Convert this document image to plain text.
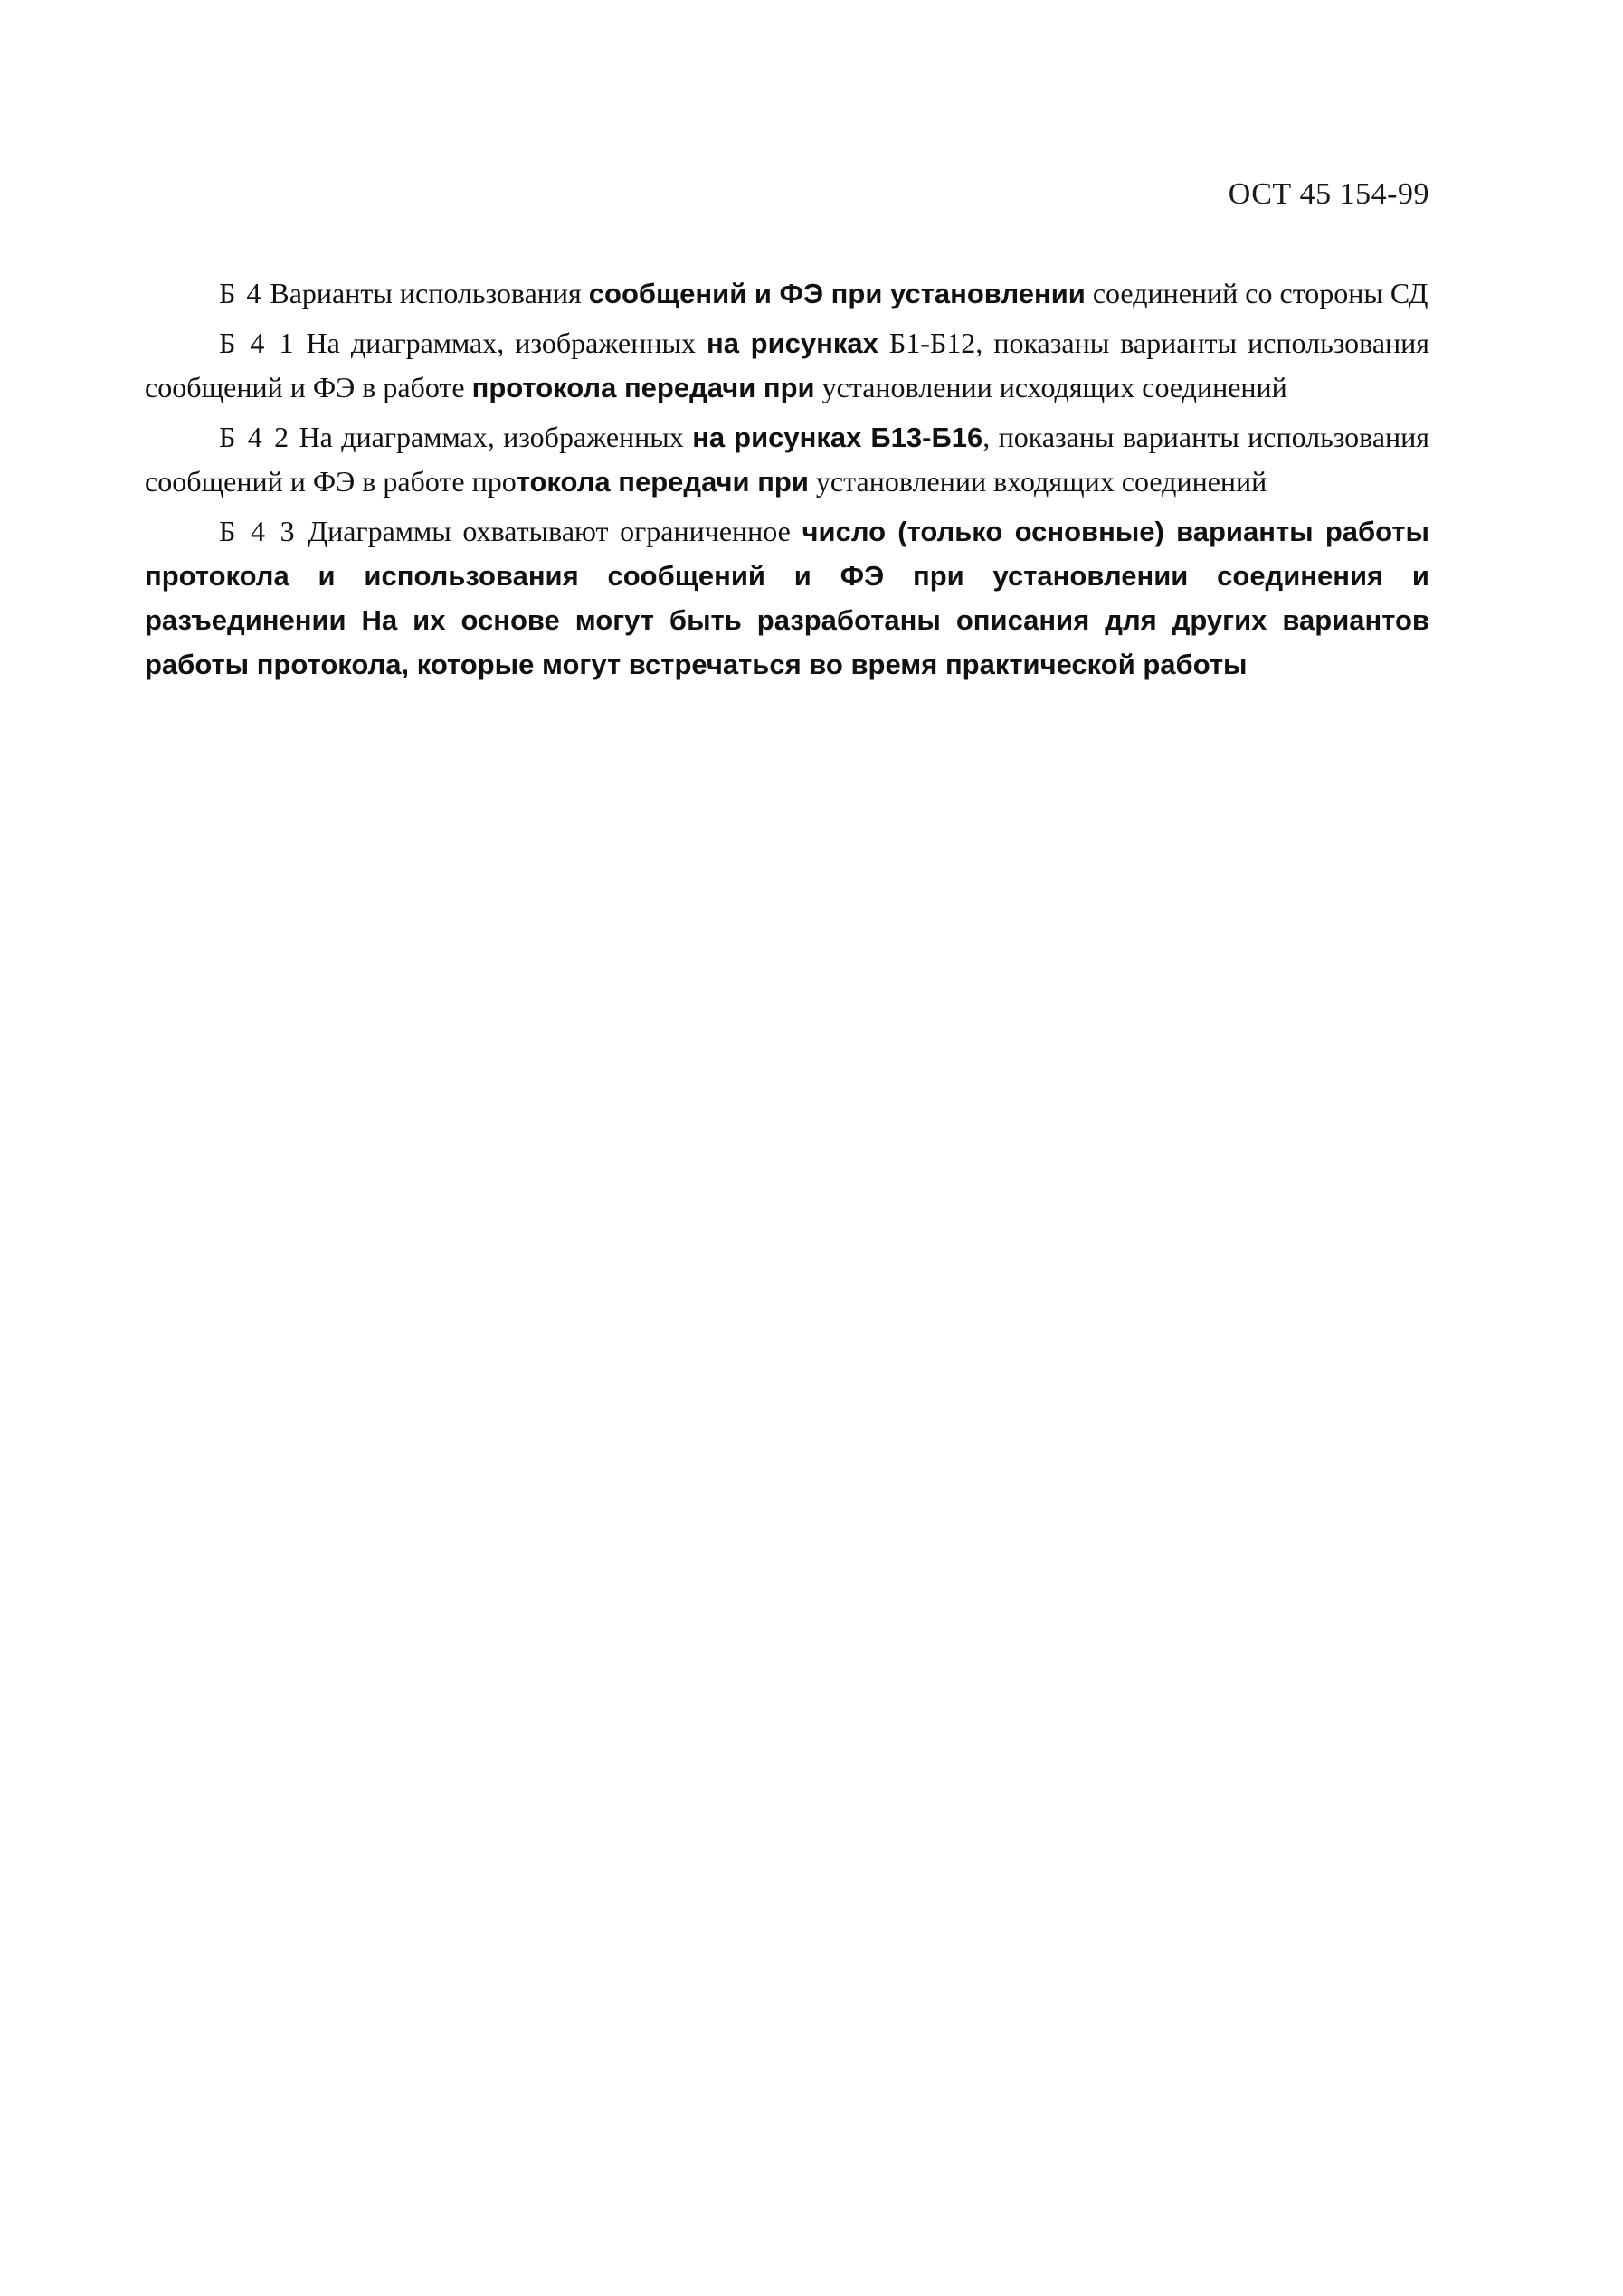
ОСТ 45 154-99

Б 4 Варианты использования сообщений и ФЭ при установлении соединений со стороны СД

Б 4 1 На диаграммах, изображенных на рисунках Б1-Б12, показаны варианты использования сообщений и ФЭ в работе протокола передачи при установлении исходящих соединений

Б 4 2 На диаграммах, изображенных на рисунках Б13-Б16, показаны варианты использования сообщений и ФЭ в работе протокола передачи при установлении входящих соединений

Б 4 3 Диаграммы охватывают ограниченное число (только основные) варианты работы протокола и использования сообщений и ФЭ при установлении соединения и разъединении На их основе могут быть разработаны описания для других вариантов работы протокола, которые могут встречаться во время практической работы
